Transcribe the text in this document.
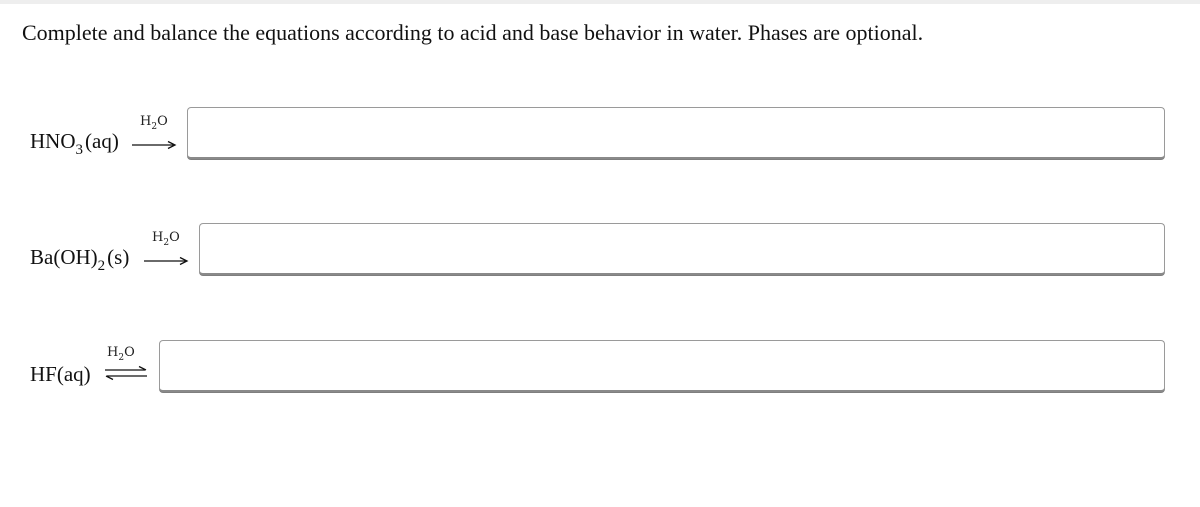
Complete and balance the equations according to acid and base behavior in water. Phases are optional.
$HNO_3(aq)$
$H_2O$
$Ba(OH)_2(s)$
$H_2O$
HF(aq)
$H_2O$
